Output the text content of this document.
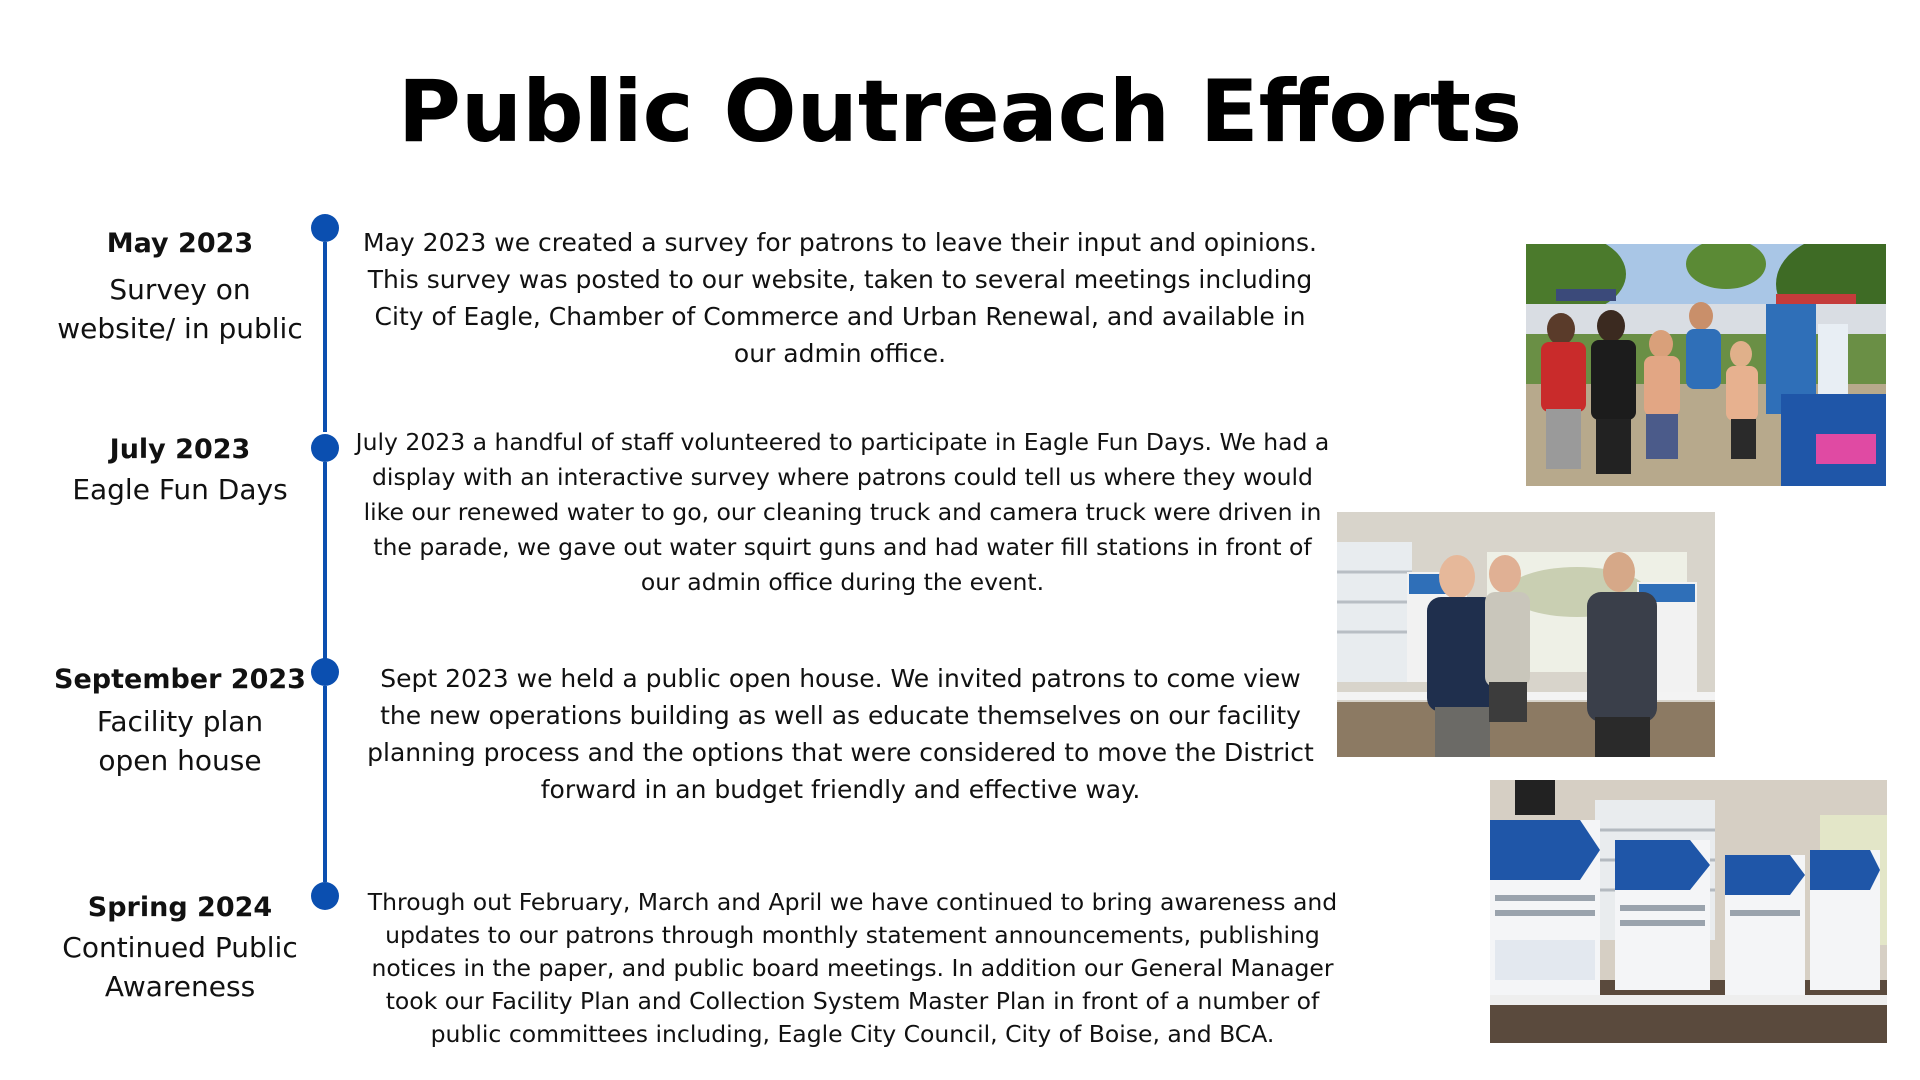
Public Outreach Efforts
May 2023
Survey on
website/ in public
July 2023
Eagle Fun Days
September 2023
Facility plan
open house
Spring 2024
Continued Public
Awareness
May 2023 we created a survey for patrons to leave their input and opinions. This survey was posted to our website, taken to several meetings including City of Eagle, Chamber of Commerce and Urban Renewal, and available in our admin office.
July 2023 a handful of staff volunteered to participate in Eagle Fun Days. We had a display with an interactive survey where patrons could tell us where they would like our renewed water to go, our cleaning truck and camera truck were driven in the parade, we gave out water squirt guns and had water fill stations in front of our admin office during the event.
Sept 2023 we held a public open house. We invited patrons to come view the new operations building as well as educate themselves on our facility planning process and the options that were considered to move the District forward in an budget friendly and effective way.
Through out February, March and April we have continued to bring awareness and updates to our patrons through monthly statement announcements, publishing notices in the paper, and public board meetings. In addition our General Manager took our Facility Plan and Collection System Master Plan in front of a number of public committees including, Eagle City Council, City of Boise, and BCA.
